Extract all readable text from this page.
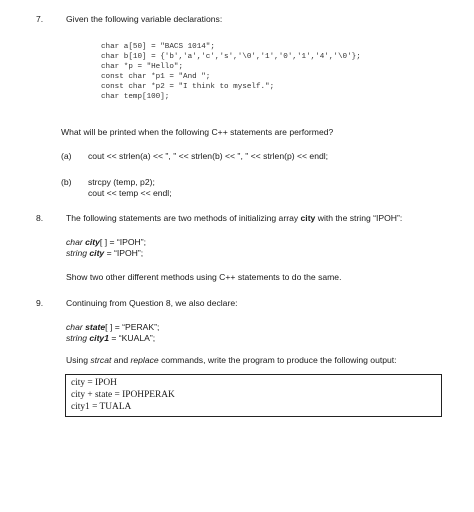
7.	Given the following variable declarations:
char a[50] = "BACS 1014";
char b[10] = {'b','a','c','s','\0','1','0','1','4','\0'};
char *p = "Hello";
const char *p1 = "And ";
const char *p2 = "I think to myself.";
char temp[100];
What will be printed when the following C++ statements are performed?
(a) cout << strlen(a) << ", " << strlen(b) << ", " << strlen(p) << endl;
(b) strcpy (temp, p2);
cout << temp << endl;
8.	The following statements are two methods of initializing array city with the string “IPOH”:
char city[ ] = “IPOH”;
string city = “IPOH”;
Show two other different methods using C++ statements to do the same.
9.	Continuing from Question 8, we also declare:
char state[ ] = “PERAK”;
string city1 = “KUALA”;
Using strcat and replace commands, write the program to produce the following output:
city = IPOH
city + state = IPOHPERAK
city1 = TUALA
